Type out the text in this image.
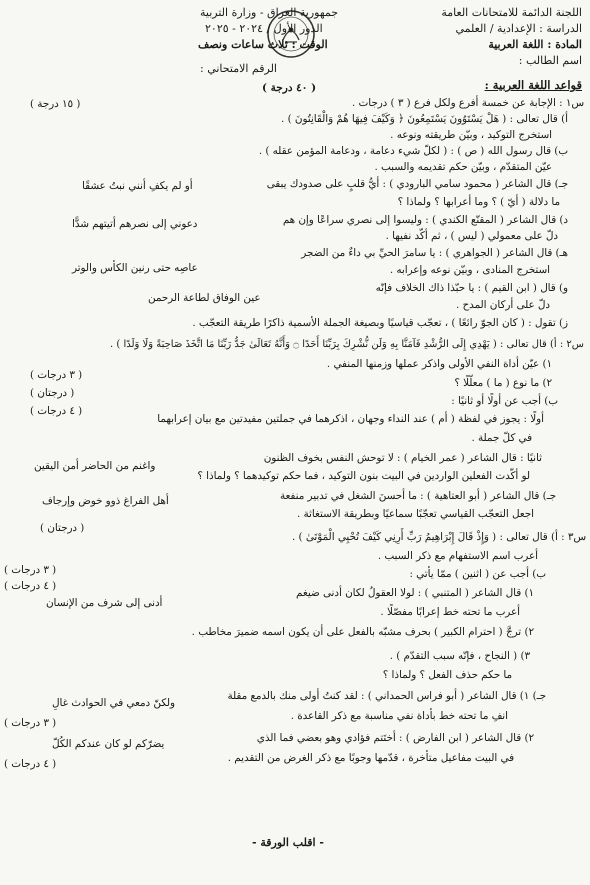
اللجنة الدائمة للامتحانات العامة
الدراسة : الإعدادية / العلمي
المادة : اللغة العربية
اسم الطالب :
جمهورية العراق - وزارة التربية
الدور الأول / ٢٠٢٤ - ٢٠٢٥
الوقت : ثلاث ساعات ونصف
الرقم الامتحاني :
قواعد اللغة العربية :
( ٤٠ درجة )
س١ : الإجابة عن خمسة أفرع ولكل فرع ( ٣ ) درجات .
( ١٥ درجة )
أ) قال تعالى : ( هَلْ يَسْتَوُونَ يَسْتَمِعُونَ ﴿ وَكَيْفَ فِيهَا هُمْ وَالْقَانِتُونَ ) .
استخرج التوكيد ، وبيّن طريقته ونوعه .
ب) قال رسول الله ( ص ) : ( لكلّ شيء دعامة ، ودعامة المؤمن عقله ) .
عيّن المتقدّم ، وبيّن حكم تقديمه والسبب .
جـ) قال الشاعر ( محمود سامي البارودي ) : أيُّ قلبٍ على صدودك يبقى
أو لم يكفِ أنني نبتُ عشقًا
ما دلالة ( أيّ ) ؟ وما أعرابها ؟ ولماذا ؟
د) قال الشاعر ( المقنّع الكندي ) : وليسوا إلى نصري سراعًا وإن هم
دعوني إلى نصرهم أتيتهم شدًّا
دلّ على معمولي ( ليس ) ، ثم أكّد نفيها .
هـ) قال الشاعر ( الجواهري ) : يا سامرَ الحيِّ بي داءٌ من الضجر
عاصِه حتى رنين الكأس والوتر	استخرج المنادى ، وبيّن نوعه وإعرابه .
و) قال ( ابن القيم ) : يا حبّذا ذاك الخلاف فإنّه
عين الوفاق لطاعة الرحمن
دلّ على أركان المدح .
ز) تقول : ( كان الجوّ رائعًا ) ، تعجّب قياسيًا وبصيغة الجملة الأسمية ذاكرًا طريقة التعجّب .
س٢ : أ) قال تعالى : ( يَهْدِي إِلَى الرُّشْدِ فَآمَنَّا بِهِ وَلَن نُّشْرِكَ بِرَبِّنَا أَحَدًا ۝ وَأَنَّهُ تَعَالَىٰ جَدُّ رَبِّنَا مَا اتَّخَذَ صَاحِبَةً وَلَا وَلَدًا ) .
١) عيّن أداة النفي الأولى واذكر عملها وزمنها المنفي .
( ٣ درجات )
٢) ما نوع ( ما ) معلّلًا ؟
( درجتان )
ب) أجب عن أولًا أو ثانيًا :
( ٤ درجات )
أولًا : يجوز في لفظة ( أم ) عند النداء وجهان ، اذكرهما في جملتين مفيدتين مع بيان إعرابهما
في كلّ جملة .
ثانيًا : قال الشاعر ( عمر الخيام ) : لا توحش النفس بخوف الظنون
واغنم من الحاضر أمن اليقين
لو أكّدت الفعلين الواردين في البيت بنون التوكيد ، فما حكم توكيدهما ؟ ولماذا ؟
جـ) قال الشاعر ( أبو العتاهية ) : ما أحسنَ الشغل في تدبير منفعة
أهل الفراغ ذوو خوض وإرجاف
اجعل التعجّب القياسي تعجّبًا سماعيًا وبطريقة الاستغاثة .
( درجتان )
س٣ : أ) قال تعالى : ( وَإِذْ قَالَ إِبْرَاهِيمُ رَبِّ أَرِنِي كَيْفَ تُحْيِي الْمَوْتَىٰ ) .
أعرب اسم الاستفهام مع ذكر السبب .
( ٣ درجات )	ب) أجب عن ( اثنين ) ممّا يأتي :
( ٤ درجات )
١) قال الشاعر ( المتنبي ) : لولا العقولُ لكان أدنى ضيغم
أدنى إلى شرف من الإنسان
أعرب ما تحته خط إعرابًا مفصّلًا .
٢) ترجَّ ( احترام الكبير ) بحرف مشبّه بالفعل على أن يكون اسمه ضميرَ مخاطب .
٣) ( النجاح ، فإنّه سبب التقدّم ) .
ما حكم حذف الفعل ؟ ولماذا ؟
جـ) ١) قال الشاعر ( أبو فراس الحمداني ) : لقد كنتُ أولى منك بالدمع مقلة
ولكنّ دمعي في الحوادث غالِ
انفِ ما تحته خط بأداة نفي مناسبة مع ذكر القاعدة .
( ٣ درجات )
٢) قال الشاعر ( ابن الفارض ) : أختَتم فؤادي وهو بعضي فما الذي
يضرّكم لو كان عندكم الكُلّ
في البيت مفاعيل متأخرة ، قدّمها وجوبًا مع ذكر الغرض من التقديم .
( ٤ درجات )
- اقلب الورقة -
